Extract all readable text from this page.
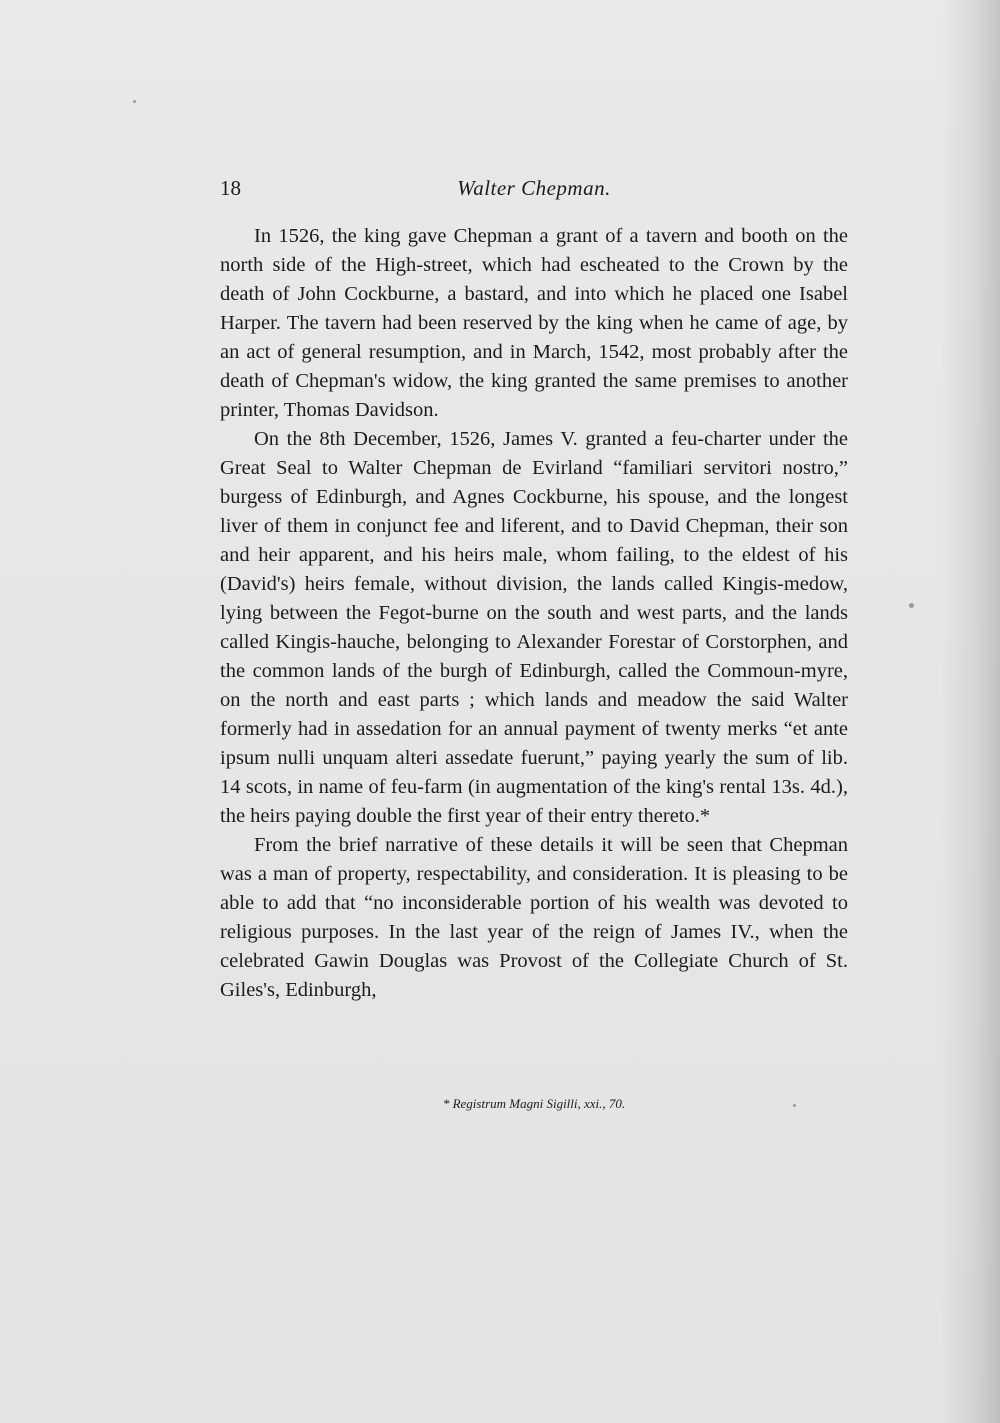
18	Walter Chepman.

In 1526, the king gave Chepman a grant of a tavern and booth on the north side of the High-street, which had escheated to the Crown by the death of John Cockburne, a bastard, and into which he placed one Isabel Harper. The tavern had been reserved by the king when he came of age, by an act of general resumption, and in March, 1542, most probably after the death of Chepman's widow, the king granted the same premises to another printer, Thomas Davidson.

On the 8th December, 1526, James V. granted a feu-charter under the Great Seal to Walter Chepman de Evirland “familiari servitori nostro,” burgess of Edinburgh, and Agnes Cockburne, his spouse, and the longest liver of them in conjunct fee and liferent, and to David Chepman, their son and heir apparent, and his heirs male, whom failing, to the eldest of his (David's) heirs female, without division, the lands called Kingis-medow, lying between the Fegot-burne on the south and west parts, and the lands called Kingis-hauche, belonging to Alexander Forestar of Corstorphen, and the common lands of the burgh of Edinburgh, called the Commoun-myre, on the north and east parts ; which lands and meadow the said Walter formerly had in assedation for an annual payment of twenty merks “et ante ipsum nulli unquam alteri assedate fuerunt,” paying yearly the sum of lib. 14 scots, in name of feu-farm (in augmentation of the king's rental 13s. 4d.), the heirs paying double the first year of their entry thereto.*

From the brief narrative of these details it will be seen that Chepman was a man of property, respectability, and consideration. It is pleasing to be able to add that “no inconsiderable portion of his wealth was devoted to religious purposes. In the last year of the reign of James IV., when the celebrated Gawin Douglas was Provost of the Collegiate Church of St. Giles's, Edinburgh,

* Registrum Magni Sigilli, xxi., 70.
